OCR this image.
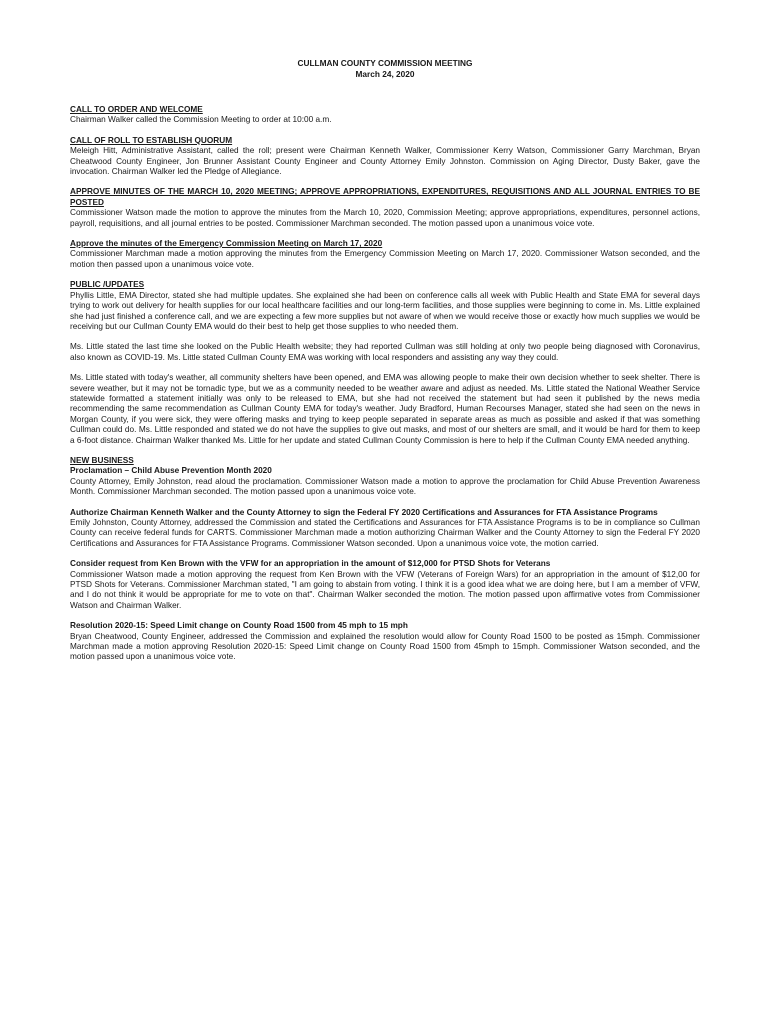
CULLMAN COUNTY COMMISSION MEETING
March 24, 2020
CALL TO ORDER AND WELCOME

Chairman Walker called the Commission Meeting to order at 10:00 a.m.

CALL OF ROLL TO ESTABLISH QUORUM

Meleigh Hitt, Administrative Assistant, called the roll; present were Chairman Kenneth Walker, Commissioner Kerry Watson, Commissioner Garry Marchman, Bryan Cheatwood County Engineer, Jon Brunner Assistant County Engineer and County Attorney Emily Johnston. Commission on Aging Director, Dusty Baker, gave the invocation. Chairman Walker led the Pledge of Allegiance.

APPROVE MINUTES OF THE MARCH 10, 2020 MEETING; APPROVE APPROPRIATIONS, EXPENDITURES, REQUISITIONS AND ALL JOURNAL ENTRIES TO BE POSTED

Commissioner Watson made the motion to approve the minutes from the March 10, 2020, Commission Meeting; approve appropriations, expenditures, personnel actions, payroll, requisitions, and all journal entries to be posted. Commissioner Marchman seconded. The motion passed upon a unanimous voice vote.

Approve the minutes of the Emergency Commission Meeting on March 17, 2020

Commissioner Marchman made a motion approving the minutes from the Emergency Commission Meeting on March 17, 2020. Commissioner Watson seconded, and the motion then passed upon a unanimous voice vote.

PUBLIC /UPDATES

Phyllis Little, EMA Director, stated she had multiple updates. She explained she had been on conference calls all week with Public Health and State EMA for several days trying to work out delivery for health supplies for our local healthcare facilities and our long-term facilities, and those supplies were beginning to come in. Ms. Little explained she had just finished a conference call, and we are expecting a few more supplies but not aware of when we would receive those or exactly how much supplies we would be receiving but our Cullman County EMA would do their best to help get those supplies to who needed them.

Ms. Little stated the last time she looked on the Public Health website; they had reported Cullman was still holding at only two people being diagnosed with Coronavirus, also known as COVID-19. Ms. Little stated Cullman County EMA was working with local responders and assisting any way they could.

Ms. Little stated with today's weather, all community shelters have been opened, and EMA was allowing people to make their own decision whether to seek shelter. There is severe weather, but it may not be tornadic type, but we as a community needed to be weather aware and adjust as needed. Ms. Little stated the National Weather Service statewide formatted a statement initially was only to be released to EMA, but she had not received the statement but had seen it published by the news media recommending the same recommendation as Cullman County EMA for today's weather. Judy Bradford, Human Recourses Manager, stated she had seen on the news in Morgan County, if you were sick, they were offering masks and trying to keep people separated in separate areas as much as possible and asked if that was something Cullman could do. Ms. Little responded and stated we do not have the supplies to give out masks, and most of our shelters are small, and it would be hard for them to keep a 6-foot distance. Chairman Walker thanked Ms. Little for her update and stated Cullman County Commission is here to help if the Cullman County EMA needed anything.

NEW BUSINESS
Proclamation – Child Abuse Prevention Month 2020

County Attorney, Emily Johnston, read aloud the proclamation. Commissioner Watson made a motion to approve the proclamation for Child Abuse Prevention Awareness Month. Commissioner Marchman seconded. The motion passed upon a unanimous voice vote.

Authorize Chairman Kenneth Walker and the County Attorney to sign the Federal FY 2020 Certifications and Assurances for FTA Assistance Programs

Emily Johnston, County Attorney, addressed the Commission and stated the Certifications and Assurances for FTA Assistance Programs is to be in compliance so Cullman County can receive federal funds for CARTS. Commissioner Marchman made a motion authorizing Chairman Walker and the County Attorney to sign the Federal FY 2020 Certifications and Assurances for FTA Assistance Programs. Commissioner Watson seconded. Upon a unanimous voice vote, the motion carried.

Consider request from Ken Brown with the VFW for an appropriation in the amount of $12,000 for PTSD Shots for Veterans

Commissioner Watson made a motion approving the request from Ken Brown with the VFW (Veterans of Foreign Wars) for an appropriation in the amount of $12,00 for PTSD Shots for Veterans. Commissioner Marchman stated, "I am going to abstain from voting. I think it is a good idea what we are doing here, but I am a member of VFW, and I do not think it would be appropriate for me to vote on that". Chairman Walker seconded the motion. The motion passed upon affirmative votes from Commissioner Watson and Chairman Walker.

Resolution 2020-15: Speed Limit change on County Road 1500 from 45 mph to 15 mph

Bryan Cheatwood, County Engineer, addressed the Commission and explained the resolution would allow for County Road 1500 to be posted as 15mph. Commissioner Marchman made a motion approving Resolution 2020-15: Speed Limit change on County Road 1500 from 45mph to 15mph. Commissioner Watson seconded, and the motion passed upon a unanimous voice vote.
